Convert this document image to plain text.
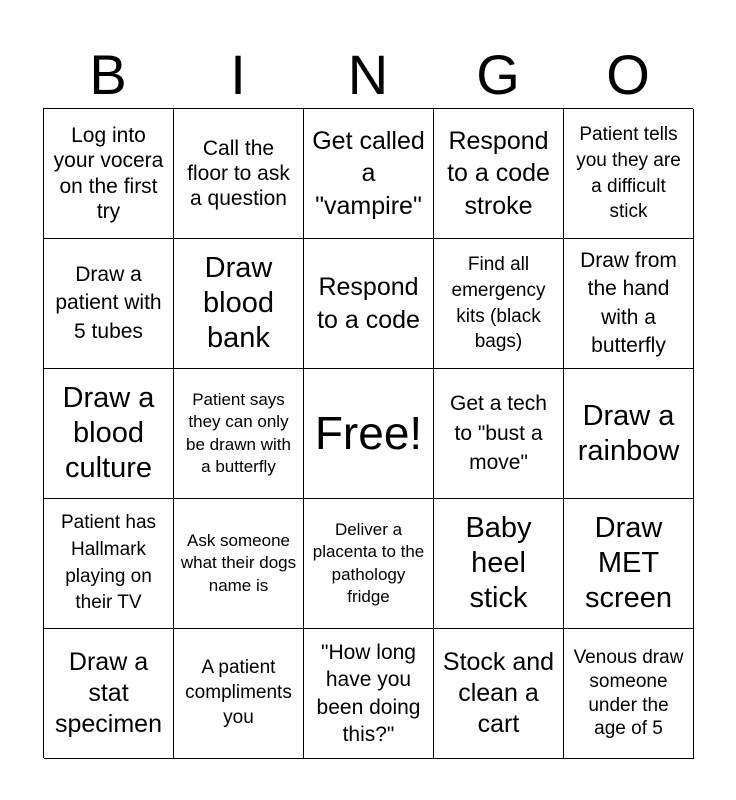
B	I	N	G	O
Log into your vocera on the first try
Call the floor to ask a question
Get called a "vampire"
Respond to a code stroke
Patient tells you they are a difficult stick
Draw a patient with 5 tubes
Draw blood bank
Respond to a code
Find all emergency kits (black bags)
Draw from the hand with a butterfly
Draw a blood culture
Patient says they can only be drawn with a butterfly
Free!
Get a tech to "bust a move"
Draw a rainbow
Patient has Hallmark playing on their TV
Ask someone what their dogs name is
Deliver a placenta to the pathology fridge
Baby heel stick
Draw MET screen
Draw a stat specimen
A patient compliments you
"How long have you been doing this?"
Stock and clean a cart
Venous draw someone under the age of 5
